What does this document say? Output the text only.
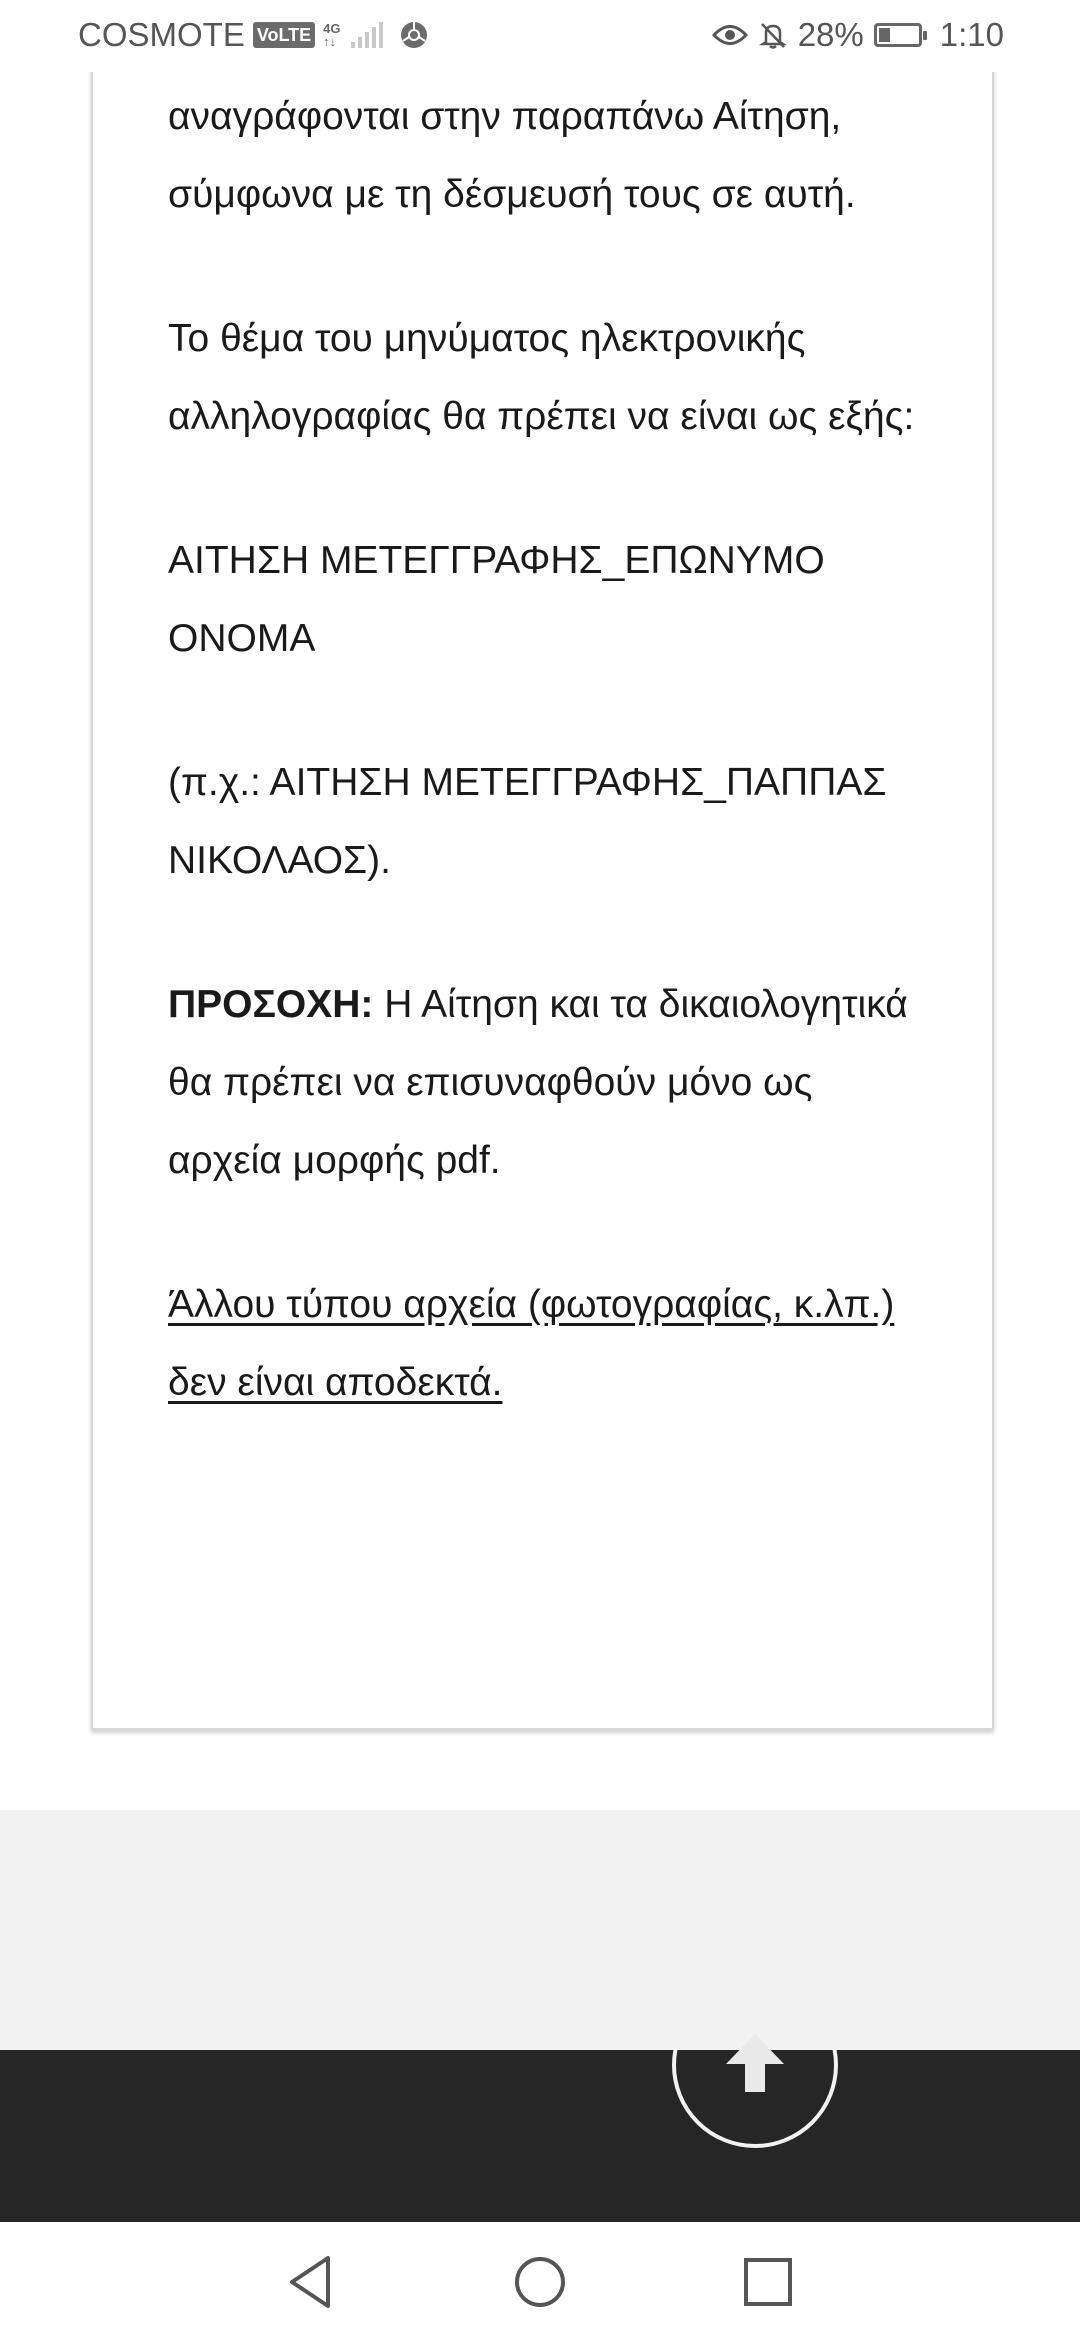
αναγράφονται στην παραπάνω Αίτηση, σύμφωνα με τη δέσμευσή τους σε αυτή.

Το θέμα του μηνύματος ηλεκτρονικής αλληλογραφίας θα πρέπει να είναι ως εξής:

ΑΙΤΗΣΗ ΜΕΤΕΓΓΡΑΦΗΣ_ΕΠΩΝΥΜΟ ΟΝΟΜΑ

(π.χ.: ΑΙΤΗΣΗ ΜΕΤΕΓΓΡΑΦΗΣ_ΠΑΠΠΑΣ ΝΙΚΟΛΑΟΣ).

ΠΡΟΣΟΧΗ: Η Αίτηση και τα δικαιολογητικά θα πρέπει να επισυναφθούν μόνο ως αρχεία μορφής pdf.

Άλλου τύπου αρχεία (φωτογραφίας, κ.λπ.) δεν είναι αποδεκτά.

COSMOTE VoLTE 4G
↑↓	28% 1:10
